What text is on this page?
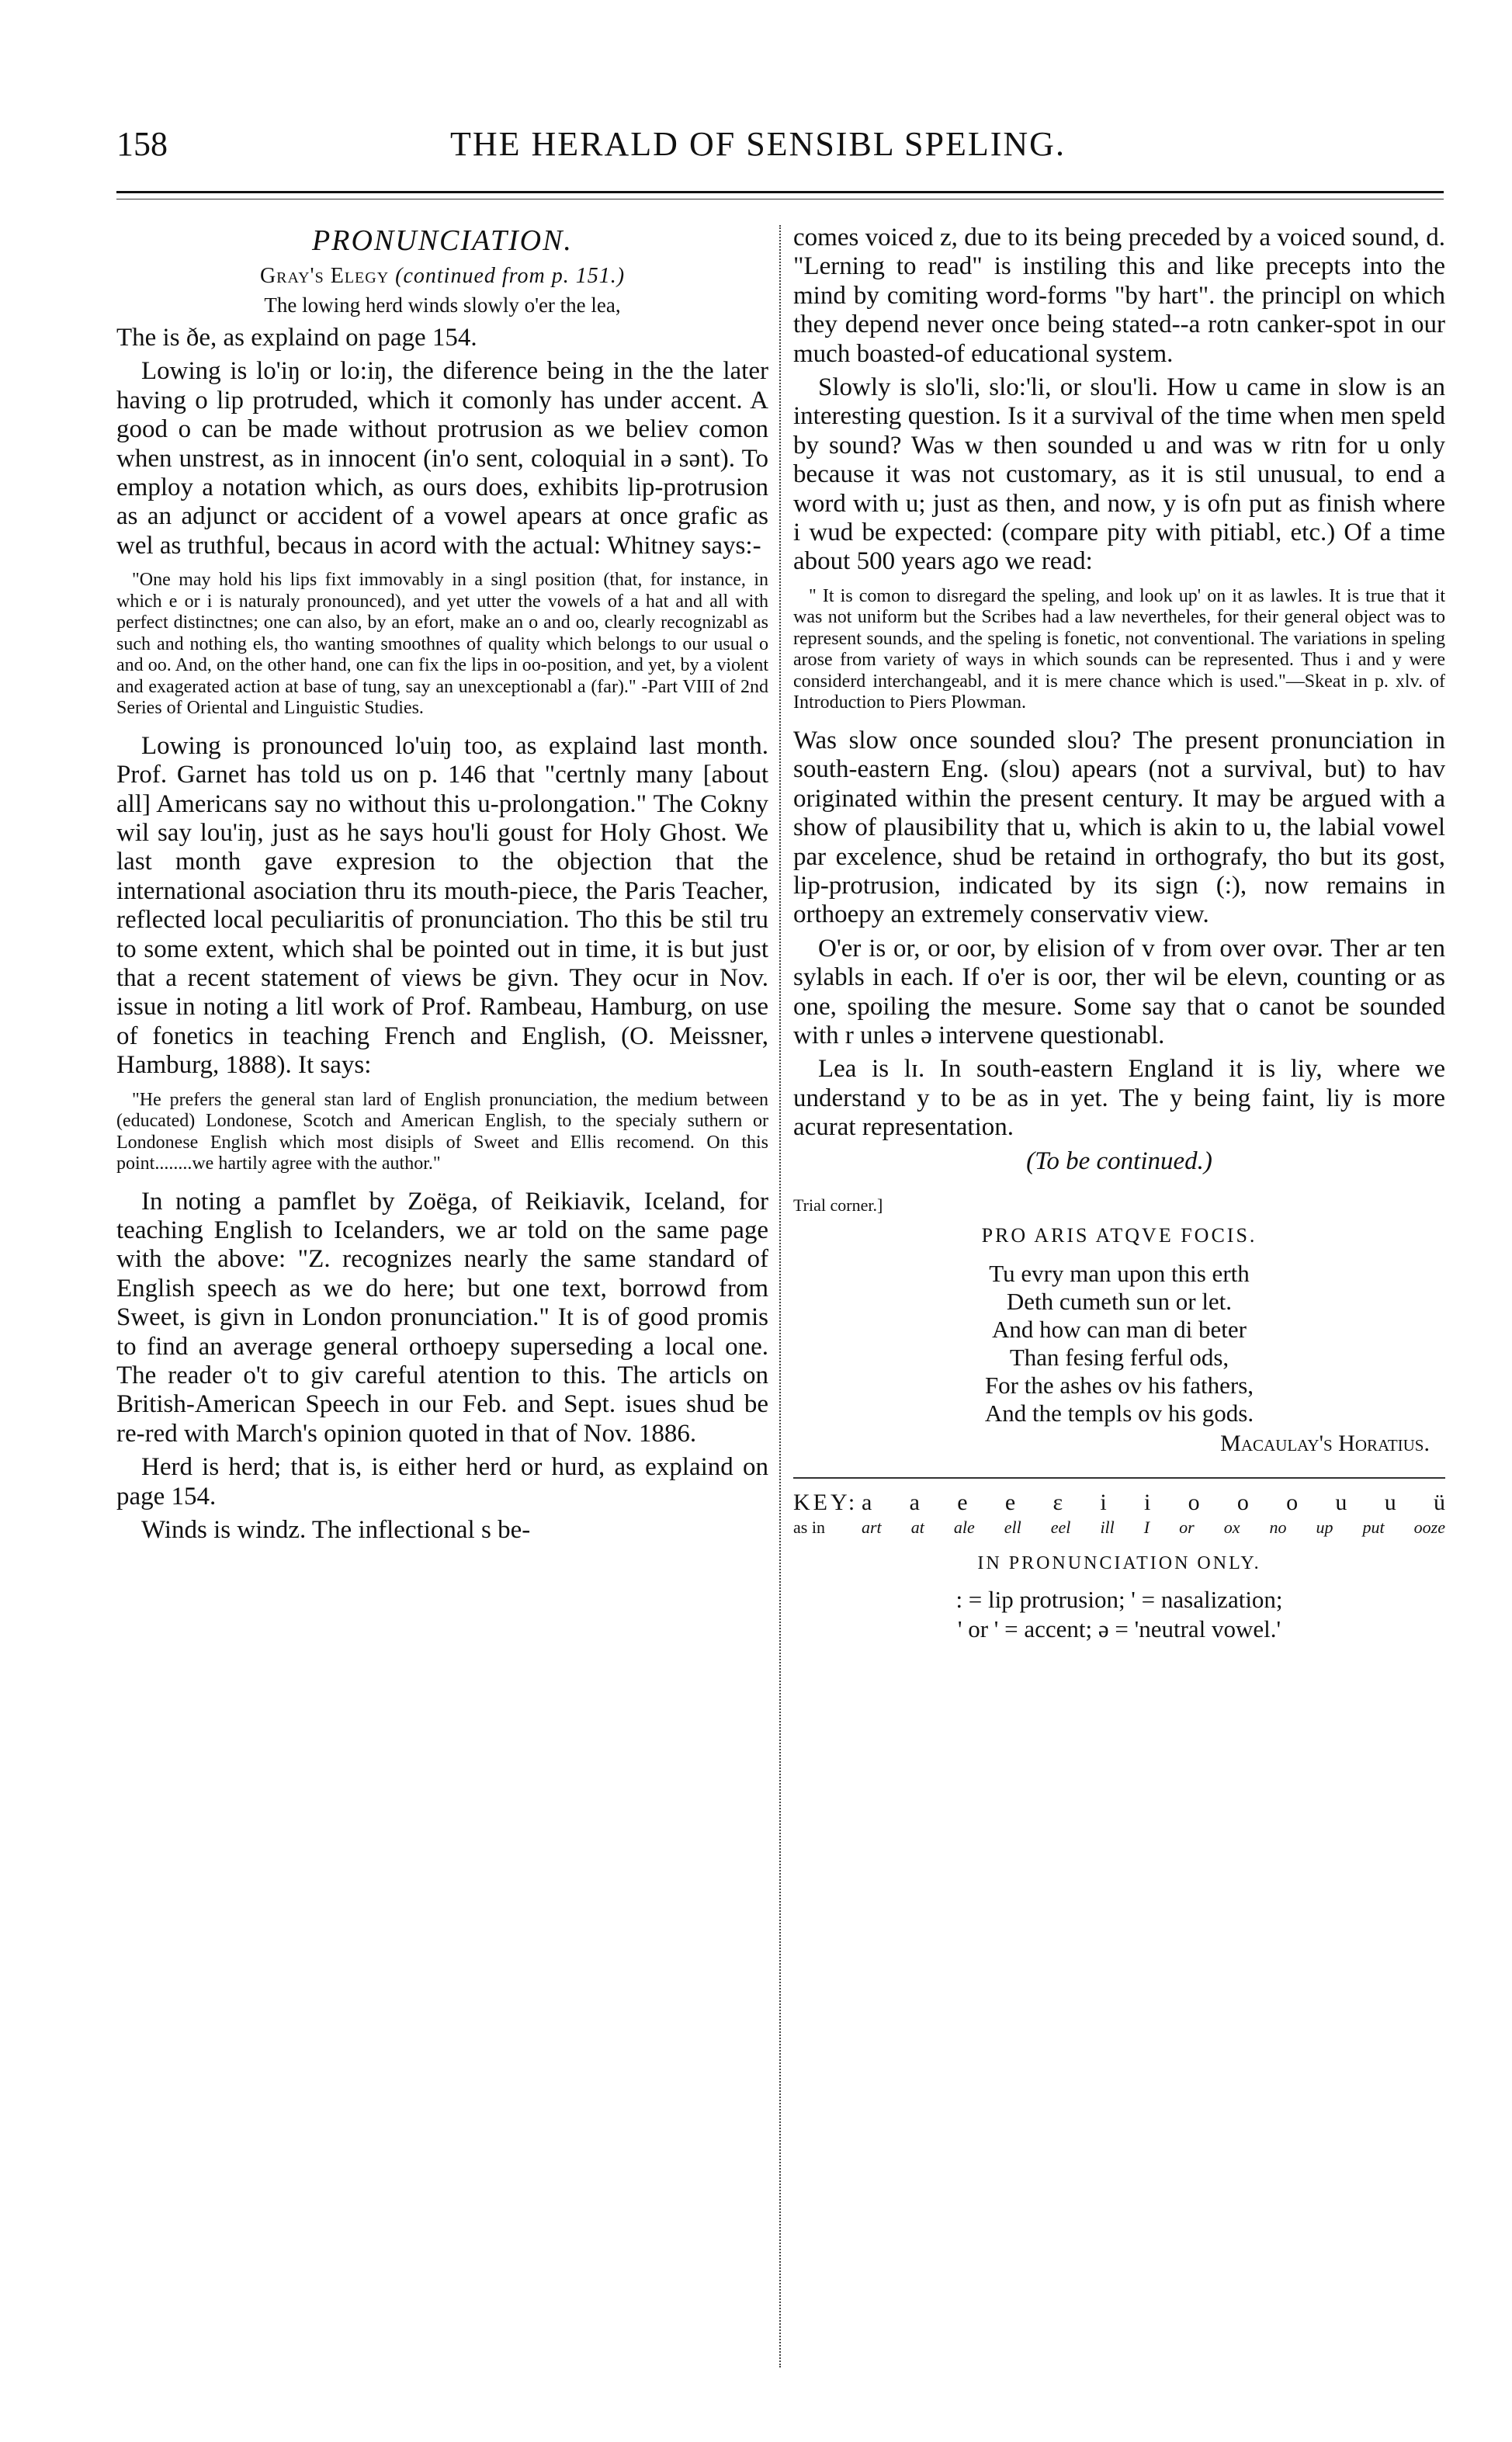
158	THE HERALD OF SENSIBL SPELING.
PRONUNCIATION.
Gray's Elegy (continued from p. 151.)
The lowing herd winds slowly o'er the lea,

The is ðe, as explaind on page 154.

Lowing is lo'iŋ or lo:iŋ, the diference being in the the later having o lip protruded, which it comonly has under accent. A good o can be made without protrusion as we believ comon when unstrest, as in innocent (in'o sent, coloquial in ə sənt). To employ a notation which, as ours does, exhibits lip-protrusion as an adjunct or accident of a vowel apears at once grafic as wel as truthful, becaus in acord with the actual: Whitney says:-

"One may hold his lips fixt immovably in a singl position (that, for instance, in which e or i is naturaly pronounced), and yet utter the vowels of a hat and all with perfect distinctnes; one can also, by an efort, make an o and oo, clearly recognizabl as such and nothing els, tho wanting smoothnes of quality which belongs to our usual o and oo. And, on the other hand, one can fix the lips in oo-position, and yet, by a violent and exagerated action at base of tung, say an unexceptionabl a (far)." -Part VIII of 2nd Series of Oriental and Linguistic Studies.

Lowing is pronounced lo'uiŋ too, as explaind last month. Prof. Garnet has told us on p. 146 that "certnly many [about all] Americans say no without this u-prolongation." The Cokny wil say lou'iŋ, just as he says hou'li goust for Holy Ghost. We last month gave expresion to the objection that the international asociation thru its mouth-piece, the Paris Teacher, reflected local peculiaritis of pronunciation. Tho this be stil tru to some extent, which shal be pointed out in time, it is but just that a recent statement of views be givn. They ocur in Nov. issue in noting a litl work of Prof. Rambeau, Hamburg, on use of fonetics in teaching French and English, (O. Meissner, Hamburg, 1888). It says:

"He prefers the general stan lard of English pronunciation, the medium between (educated) Londonese, Scotch and American English, to the specialy suthern or Londonese English which most disipls of Sweet and Ellis recomend. On this point........we hartily agree with the author."

In noting a pamflet by Zoëga, of Reikiavik, Iceland, for teaching English to Icelanders, we ar told on the same page with the above: "Z. recognizes nearly the same standard of English speech as we do here; but one text, borrowd from Sweet, is givn in London pronunciation." It is of good promis to find an average general orthoepy superseding a local one. The reader o't to giv careful atention to this. The articls on British-American Speech in our Feb. and Sept. isues shud be re-red with March's opinion quoted in that of Nov. 1886.

Herd is herd; that is, is either herd or hurd, as explaind on page 154.

Winds is windz. The inflectional s be-

comes voiced z, due to its being preceded by a voiced sound, d. "Lerning to read" is instiling this and like precepts into the mind by comiting word-forms "by hart". the principl on which they depend never once being stated--a rotn canker-spot in our much boasted-of educational system.

Slowly is slo'li, slo:'li, or slou'li. How u came in slow is an interesting question. Is it a survival of the time when men speld by sound? Was w then sounded u and was w ritn for u only because it was not customary, as it is stil unusual, to end a word with u; just as then, and now, y is ofn put as finish where i wud be expected: (compare pity with pitiabl, etc.) Of a time about 500 years ago we read:

" It is comon to disregard the speling, and look up' on it as lawles. It is true that it was not uniform but the Scribes had a law nevertheles, for their general object was to represent sounds, and the speling is fonetic, not conventional. The variations in speling arose from variety of ways in which sounds can be represented. Thus i and y were considerd interchangeabl, and it is mere chance which is used."—Skeat in p. xlv. of Introduction to Piers Plowman.

Was slow once sounded slou? The present pronunciation in south-eastern Eng. (slou) apears (not a survival, but) to hav originated within the present century. It may be argued with a show of plausibility that u, which is akin to u, the labial vowel par excelence, shud be retaind in orthografy, tho but its gost, lip-protrusion, indicated by its sign (:), now remains in orthoepy an extremely conservativ view.

O'er is or, or oor, by elision of v from over ovər. Ther ar ten sylabls in each. If o'er is oor, ther wil be elevn, counting or as one, spoiling the mesure. Some say that o canot be sounded with r unles ə intervene questionabl.

Lea is lɪ. In south-eastern England it is liy, where we understand y to be as in yet. The y being faint, liy is more acurat representation.

(To be continued.)

Trial corner.]

PRO ARIS ATQVE FOCIS.
Tu evry man upon this erth
Deth cumeth sun or let.
And how can man di beter
Than fesing ferful ods,
For the ashes ov his fathers,
And the templs ov his gods.
Macaulay's Horatius.
KEY: a a e e ɛ i i o o o u u ü
as in	art at ale ell eel ill I or ox no up put ooze
IN PRONUNCIATION ONLY.
: = lip protrusion; ' = nasalization;
' or ' = accent; ə = 'neutral vowel.'
